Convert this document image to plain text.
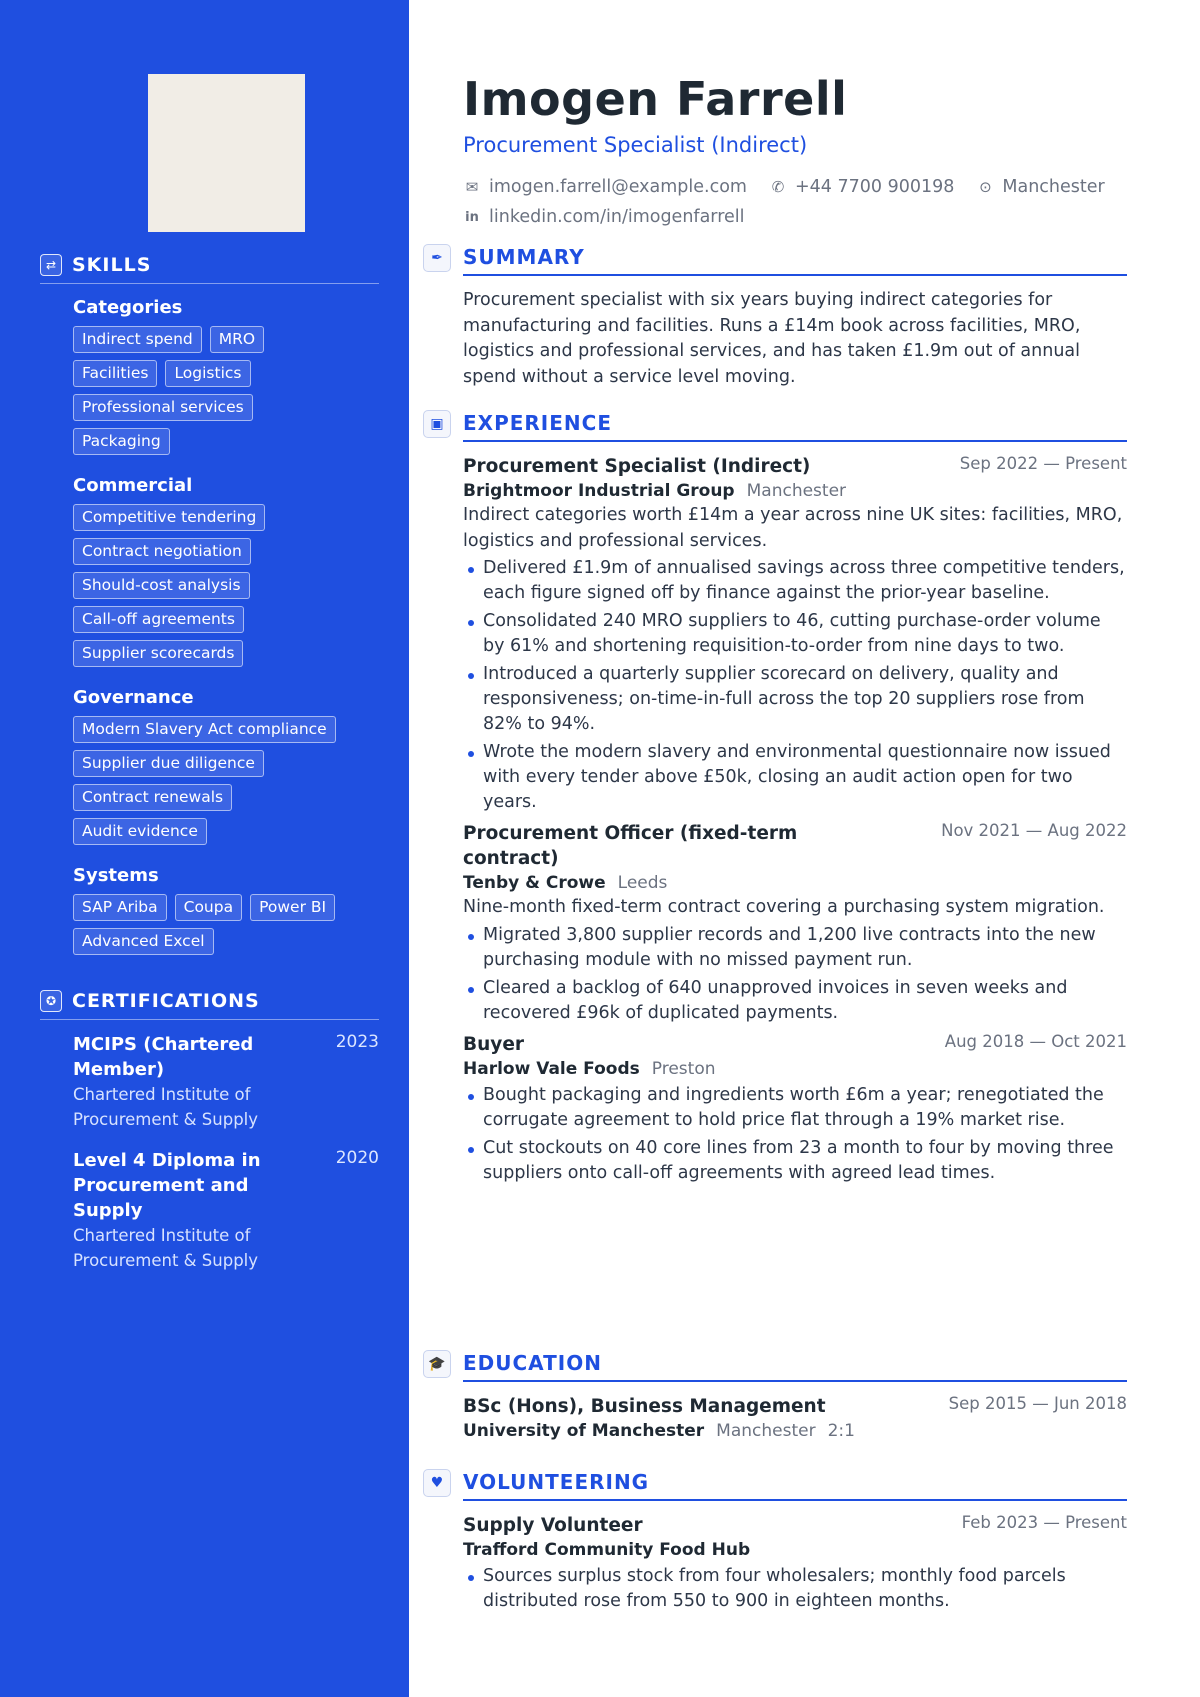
⇄ SKILLS
Categories
Indirect spend	MRO
Facilities	Logistics
Professional services
Packaging
Commercial
Competitive tendering
Contract negotiation
Should-cost analysis
Call-off agreements
Supplier scorecards
Governance
Modern Slavery Act compliance
Supplier due diligence
Contract renewals
Audit evidence
Systems
SAP Ariba	Coupa	Power BI
Advanced Excel
✪ CERTIFICATIONS
MCIPS (Chartered Member)
2023
Chartered Institute of Procurement & Supply
Level 4 Diploma in Procurement and Supply
2020
Chartered Institute of Procurement & Supply
Imogen Farrell
Procurement Specialist (Indirect)
✉ imogen.farrell@example.com ✆ +44 7700 900198 ⊙ Manchester
in linkedin.com/in/imogenfarrell
✒	SUMMARY

Procurement specialist with six years buying indirect categories for manufacturing and facilities. Runs a £14m book across facilities, MRO, logistics and professional services, and has taken £1.9m out of annual spend without a service level moving.

▣ EXPERIENCE
Procurement Specialist (Indirect)	Sep 2022 — Present
Brightmoor Industrial Group Manchester

Indirect categories worth £14m a year across nine UK sites: facilities, MRO, logistics and professional services.

Delivered £1.9m of annualised savings across three competitive tenders, each figure signed off by finance against the prior-year baseline.
Consolidated 240 MRO suppliers to 46, cutting purchase-order volume by 61% and shortening requisition-to-order from nine days to two.
Introduced a quarterly supplier scorecard on delivery, quality and responsiveness; on-time-in-full across the top 20 suppliers rose from 82% to 94%.
Wrote the modern slavery and environmental questionnaire now issued with every tender above £50k, closing an audit action open for two years.
Procurement Officer (fixed-term contract)
Nov 2021 — Aug 2022
Tenby & Crowe Leeds

Nine-month fixed-term contract covering a purchasing system migration.

Migrated 3,800 supplier records and 1,200 live contracts into the new purchasing module with no missed payment run.
Cleared a backlog of 640 unapproved invoices in seven weeks and recovered £96k of duplicated payments.
Buyer	Aug 2018 — Oct 2021
Harlow Vale Foods Preston
Bought packaging and ingredients worth £6m a year; renegotiated the corrugate agreement to hold price flat through a 19% market rise.
Cut stockouts on 40 core lines from 23 a month to four by moving three suppliers onto call-off agreements with agreed lead times.
🎓 EDUCATION
BSc (Hons), Business Management	Sep 2015 — Jun 2018
University of Manchester Manchester 2:1
♥ VOLUNTEERING
Supply Volunteer	Feb 2023 — Present
Trafford Community Food Hub
Sources surplus stock from four wholesalers; monthly food parcels distributed rose from 550 to 900 in eighteen months.
